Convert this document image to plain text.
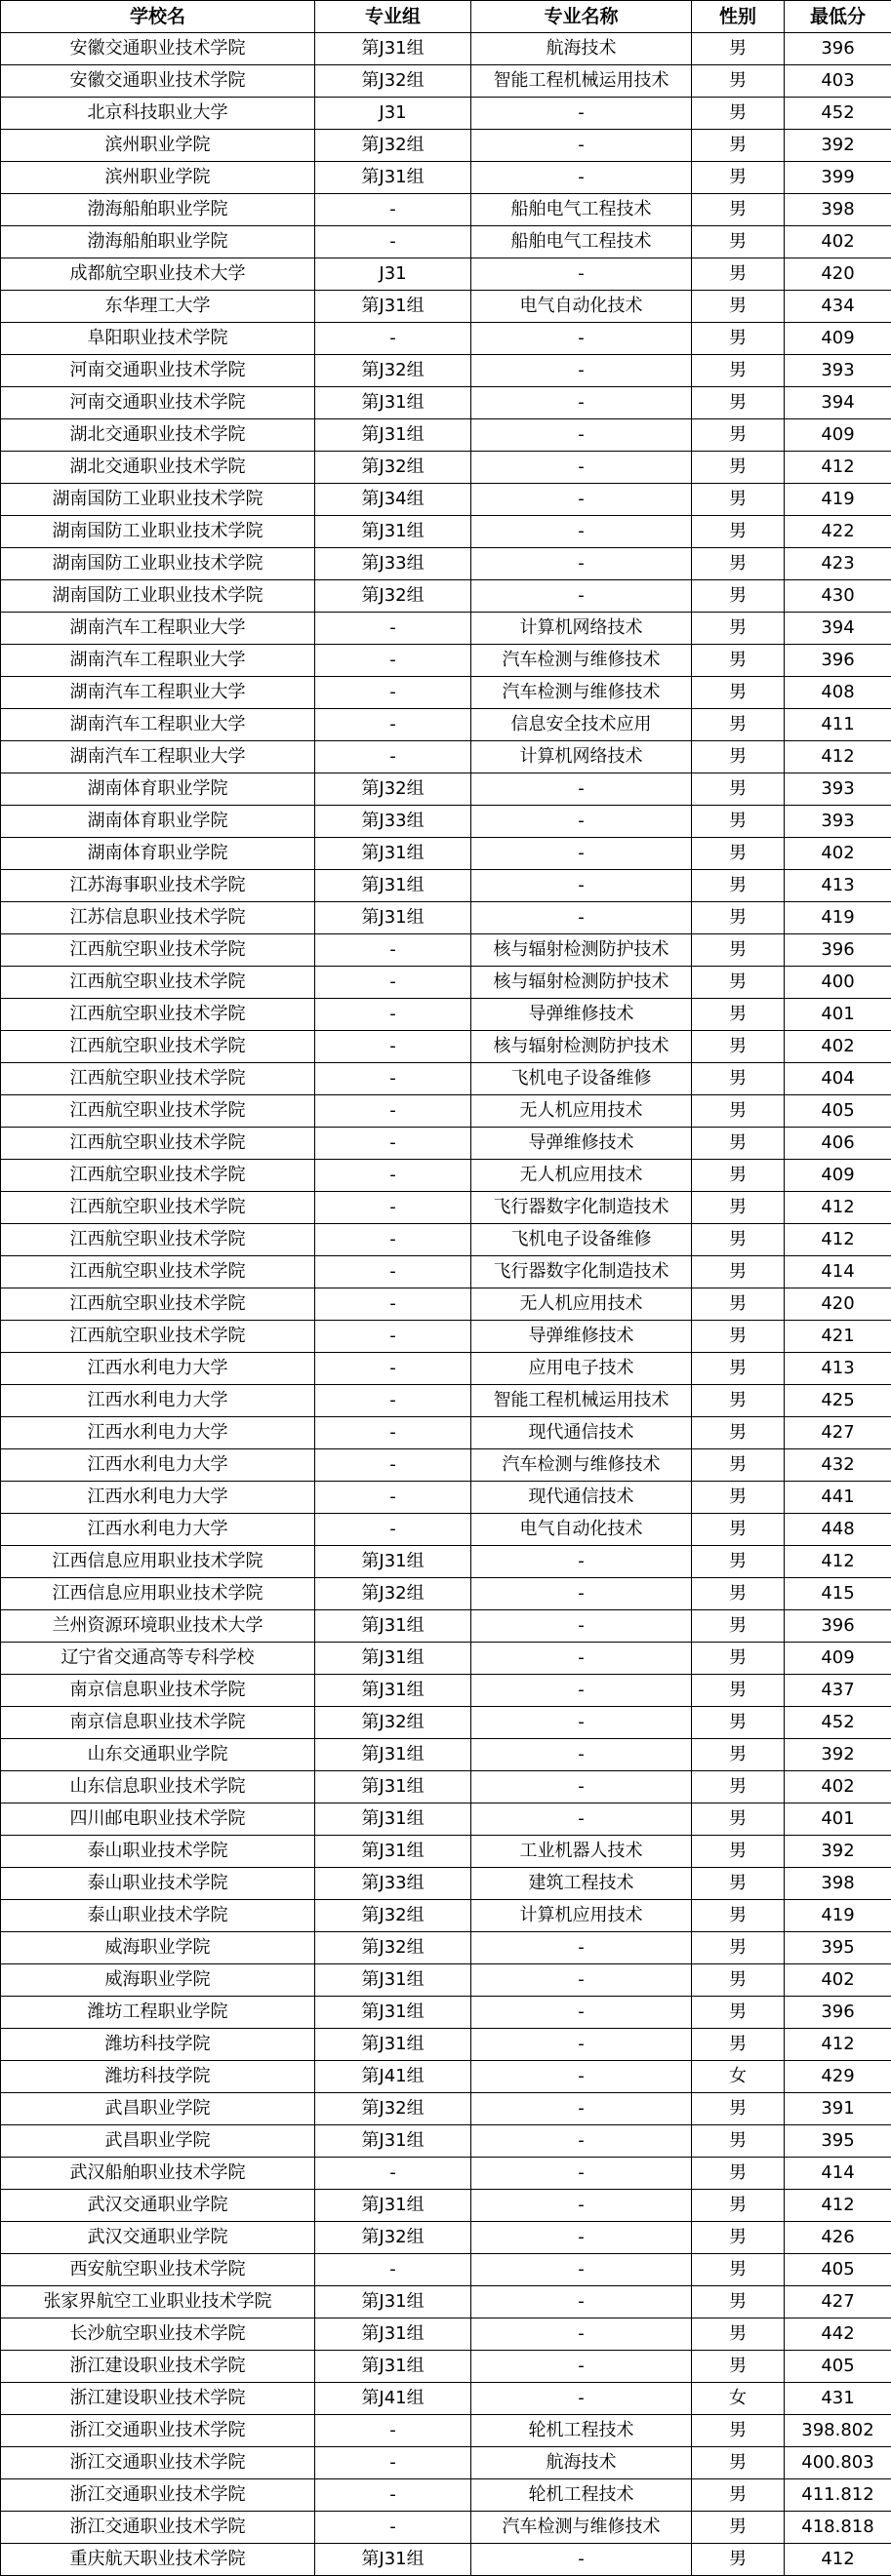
学校名	专业组	专业名称	性别	最低分
安徽交通职业技术学院	第J31组	航海技术	男	396
安徽交通职业技术学院	第J32组	智能工程机械运用技术	男	403
北京科技职业大学	J31	-	男	452
滨州职业学院	第J32组	-	男	392
滨州职业学院	第J31组	-	男	399
渤海船舶职业学院	-	船舶电气工程技术	男	398
渤海船舶职业学院	-	船舶电气工程技术	男	402
成都航空职业技术大学	J31	-	男	420
东华理工大学	第J31组	电气自动化技术	男	434
阜阳职业技术学院	-	-	男	409
河南交通职业技术学院	第J32组	-	男	393
河南交通职业技术学院	第J31组	-	男	394
湖北交通职业技术学院	第J31组	-	男	409
湖北交通职业技术学院	第J32组	-	男	412
湖南国防工业职业技术学院	第J34组	-	男	419
湖南国防工业职业技术学院	第J31组	-	男	422
湖南国防工业职业技术学院	第J33组	-	男	423
湖南国防工业职业技术学院	第J32组	-	男	430
湖南汽车工程职业大学	-	计算机网络技术	男	394
湖南汽车工程职业大学	-	汽车检测与维修技术	男	396
湖南汽车工程职业大学	-	汽车检测与维修技术	男	408
湖南汽车工程职业大学	-	信息安全技术应用	男	411
湖南汽车工程职业大学	-	计算机网络技术	男	412
湖南体育职业学院	第J32组	-	男	393
湖南体育职业学院	第J33组	-	男	393
湖南体育职业学院	第J31组	-	男	402
江苏海事职业技术学院	第J31组	-	男	413
江苏信息职业技术学院	第J31组	-	男	419
江西航空职业技术学院	-	核与辐射检测防护技术	男	396
江西航空职业技术学院	-	核与辐射检测防护技术	男	400
江西航空职业技术学院	-	导弹维修技术	男	401
江西航空职业技术学院	-	核与辐射检测防护技术	男	402
江西航空职业技术学院	-	飞机电子设备维修	男	404
江西航空职业技术学院	-	无人机应用技术	男	405
江西航空职业技术学院	-	导弹维修技术	男	406
江西航空职业技术学院	-	无人机应用技术	男	409
江西航空职业技术学院	-	飞行器数字化制造技术	男	412
江西航空职业技术学院	-	飞机电子设备维修	男	412
江西航空职业技术学院	-	飞行器数字化制造技术	男	414
江西航空职业技术学院	-	无人机应用技术	男	420
江西航空职业技术学院	-	导弹维修技术	男	421
江西水利电力大学	-	应用电子技术	男	413
江西水利电力大学	-	智能工程机械运用技术	男	425
江西水利电力大学	-	现代通信技术	男	427
江西水利电力大学	-	汽车检测与维修技术	男	432
江西水利电力大学	-	现代通信技术	男	441
江西水利电力大学	-	电气自动化技术	男	448
江西信息应用职业技术学院	第J31组	-	男	412
江西信息应用职业技术学院	第J32组	-	男	415
兰州资源环境职业技术大学	第J31组	-	男	396
辽宁省交通高等专科学校	第J31组	-	男	409
南京信息职业技术学院	第J31组	-	男	437
南京信息职业技术学院	第J32组	-	男	452
山东交通职业学院	第J31组	-	男	392
山东信息职业技术学院	第J31组	-	男	402
四川邮电职业技术学院	第J31组	-	男	401
泰山职业技术学院	第J31组	工业机器人技术	男	392
泰山职业技术学院	第J33组	建筑工程技术	男	398
泰山职业技术学院	第J32组	计算机应用技术	男	419
威海职业学院	第J32组	-	男	395
威海职业学院	第J31组	-	男	402
潍坊工程职业学院	第J31组	-	男	396
潍坊科技学院	第J31组	-	男	412
潍坊科技学院	第J41组	-	女	429
武昌职业学院	第J32组	-	男	391
武昌职业学院	第J31组	-	男	395
武汉船舶职业技术学院	-	-	男	414
武汉交通职业学院	第J31组	-	男	412
武汉交通职业学院	第J32组	-	男	426
西安航空职业技术学院	-	-	男	405
张家界航空工业职业技术学院	第J31组	-	男	427
长沙航空职业技术学院	第J31组	-	男	442
浙江建设职业技术学院	第J31组	-	男	405
浙江建设职业技术学院	第J41组	-	女	431
浙江交通职业技术学院	-	轮机工程技术	男	398.802
浙江交通职业技术学院	-	航海技术	男	400.803
浙江交通职业技术学院	-	轮机工程技术	男	411.812
浙江交通职业技术学院	-	汽车检测与维修技术	男	418.818
重庆航天职业技术学院	第J31组	-	男	412
